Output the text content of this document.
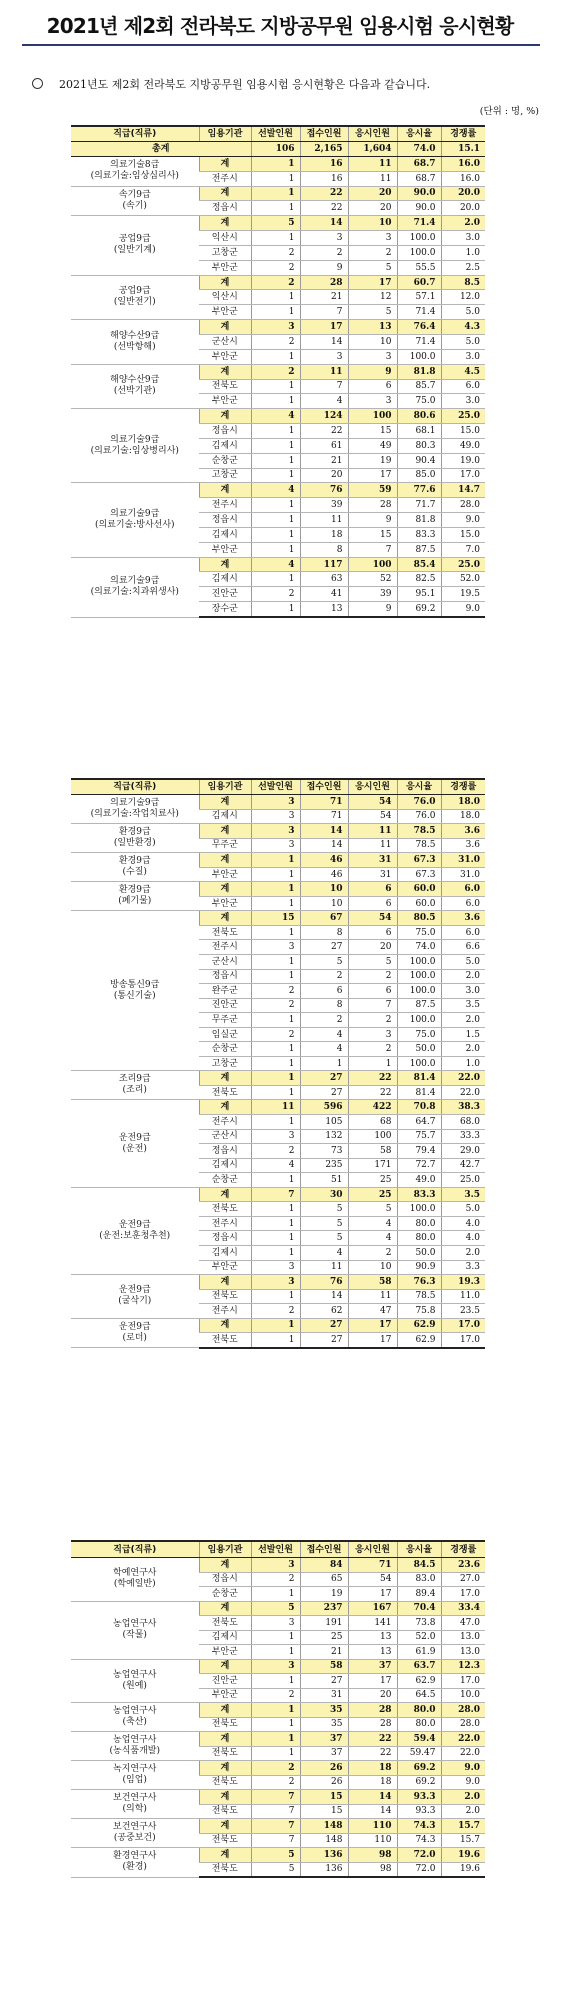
2021년 제2회 전라북도 지방공무원 임용시험 응시현황
2021년도 제2회 전라북도 지방공무원 임용시험 응시현황은 다음과 같습니다.
(단위 : 명, %)
직급(직류)	임용기관	선발인원	접수인원	응시인원	응시율	경쟁률
총계		106	2,165	1,604	74.0	15.1
의료기술8급
(의료기술:임상심리사)	계	1	16	11	68.7	16.0
	전주시	1	16	11	68.7	16.0
속기9급
(속기)	계	1	22	20	90.0	20.0
	정읍시	1	22	20	90.0	20.0
공업9급
(일반기계)	계	5	14	10	71.4	2.0
	익산시	1	3	3	100.0	3.0
	고창군	2	2	2	100.0	1.0
	부안군	2	9	5	55.5	2.5
공업9급
(일반전기)	계	2	28	17	60.7	8.5
	익산시	1	21	12	57.1	12.0
	부안군	1	7	5	71.4	5.0
해양수산9급
(선박항해)	계	3	17	13	76.4	4.3
	군산시	2	14	10	71.4	5.0
	부안군	1	3	3	100.0	3.0
해양수산9급
(선박기관)	계	2	11	9	81.8	4.5
	전북도	1	7	6	85.7	6.0
	부안군	1	4	3	75.0	3.0
의료기술9급
(의료기술:임상병리사)	계	4	124	100	80.6	25.0
	정읍시	1	22	15	68.1	15.0
	김제시	1	61	49	80.3	49.0
	순창군	1	21	19	90.4	19.0
	고창군	1	20	17	85.0	17.0
의료기술9급
(의료기술:방사선사)	계	4	76	59	77.6	14.7
	전주시	1	39	28	71.7	28.0
	정읍시	1	11	9	81.8	9.0
	김제시	1	18	15	83.3	15.0
	부안군	1	8	7	87.5	7.0
의료기술9급
(의료기술:치과위생사)	계	4	117	100	85.4	25.0
	김제시	1	63	52	82.5	52.0
	진안군	2	41	39	95.1	19.5
	장수군	1	13	9	69.2	9.0
직급(직류)	임용기관	선발인원	접수인원	응시인원	응시율	경쟁률
의료기술9급
(의료기술:작업치료사)	계	3	71	54	76.0	18.0
	김제시	3	71	54	76.0	18.0
환경9급
(일반환경)	계	3	14	11	78.5	3.6
	무주군	3	14	11	78.5	3.6
환경9급
(수질)	계	1	46	31	67.3	31.0
	부안군	1	46	31	67.3	31.0
환경9급
(폐기물)	계	1	10	6	60.0	6.0
	부안군	1	10	6	60.0	6.0
방송통신9급
(통신기술)	계	15	67	54	80.5	3.6
	전북도	1	8	6	75.0	6.0
	전주시	3	27	20	74.0	6.6
	군산시	1	5	5	100.0	5.0
	정읍시	1	2	2	100.0	2.0
	완주군	2	6	6	100.0	3.0
	진안군	2	8	7	87.5	3.5
	무주군	1	2	2	100.0	2.0
	임실군	2	4	3	75.0	1.5
	순창군	1	4	2	50.0	2.0
	고창군	1	1	1	100.0	1.0
조리9급
(조리)	계	1	27	22	81.4	22.0
	전북도	1	27	22	81.4	22.0
운전9급
(운전)	계	11	596	422	70.8	38.3
	전주시	1	105	68	64.7	68.0
	군산시	3	132	100	75.7	33.3
	정읍시	2	73	58	79.4	29.0
	김제시	4	235	171	72.7	42.7
	순창군	1	51	25	49.0	25.0
운전9급
(운전:보훈청추천)	계	7	30	25	83.3	3.5
	전북도	1	5	5	100.0	5.0
	전주시	1	5	4	80.0	4.0
	정읍시	1	5	4	80.0	4.0
	김제시	1	4	2	50.0	2.0
	부안군	3	11	10	90.9	3.3
운전9급
(굴삭기)	계	3	76	58	76.3	19.3
	전북도	1	14	11	78.5	11.0
	전주시	2	62	47	75.8	23.5
운전9급
(로더)	계	1	27	17	62.9	17.0
	전북도	1	27	17	62.9	17.0
직급(직류)	임용기관	선발인원	접수인원	응시인원	응시율	경쟁률
학예연구사
(학예일반)	계	3	84	71	84.5	23.6
	정읍시	2	65	54	83.0	27.0
	순창군	1	19	17	89.4	17.0
농업연구사
(작물)	계	5	237	167	70.4	33.4
	전북도	3	191	141	73.8	47.0
	김제시	1	25	13	52.0	13.0
	부안군	1	21	13	61.9	13.0
농업연구사
(원예)	계	3	58	37	63.7	12.3
	진안군	1	27	17	62.9	17.0
	부안군	2	31	20	64.5	10.0
농업연구사
(축산)	계	1	35	28	80.0	28.0
	전북도	1	35	28	80.0	28.0
농업연구사
(농식품개발)	계	1	37	22	59.4	22.0
	전북도	1	37	22	59.47	22.0
녹지연구사
(임업)	계	2	26	18	69.2	9.0
	전북도	2	26	18	69.2	9.0
보건연구사
(의학)	계	7	15	14	93.3	2.0
	전북도	7	15	14	93.3	2.0
보건연구사
(공중보건)	계	7	148	110	74.3	15.7
	전북도	7	148	110	74.3	15.7
환경연구사
(환경)	계	5	136	98	72.0	19.6
	전북도	5	136	98	72.0	19.6
